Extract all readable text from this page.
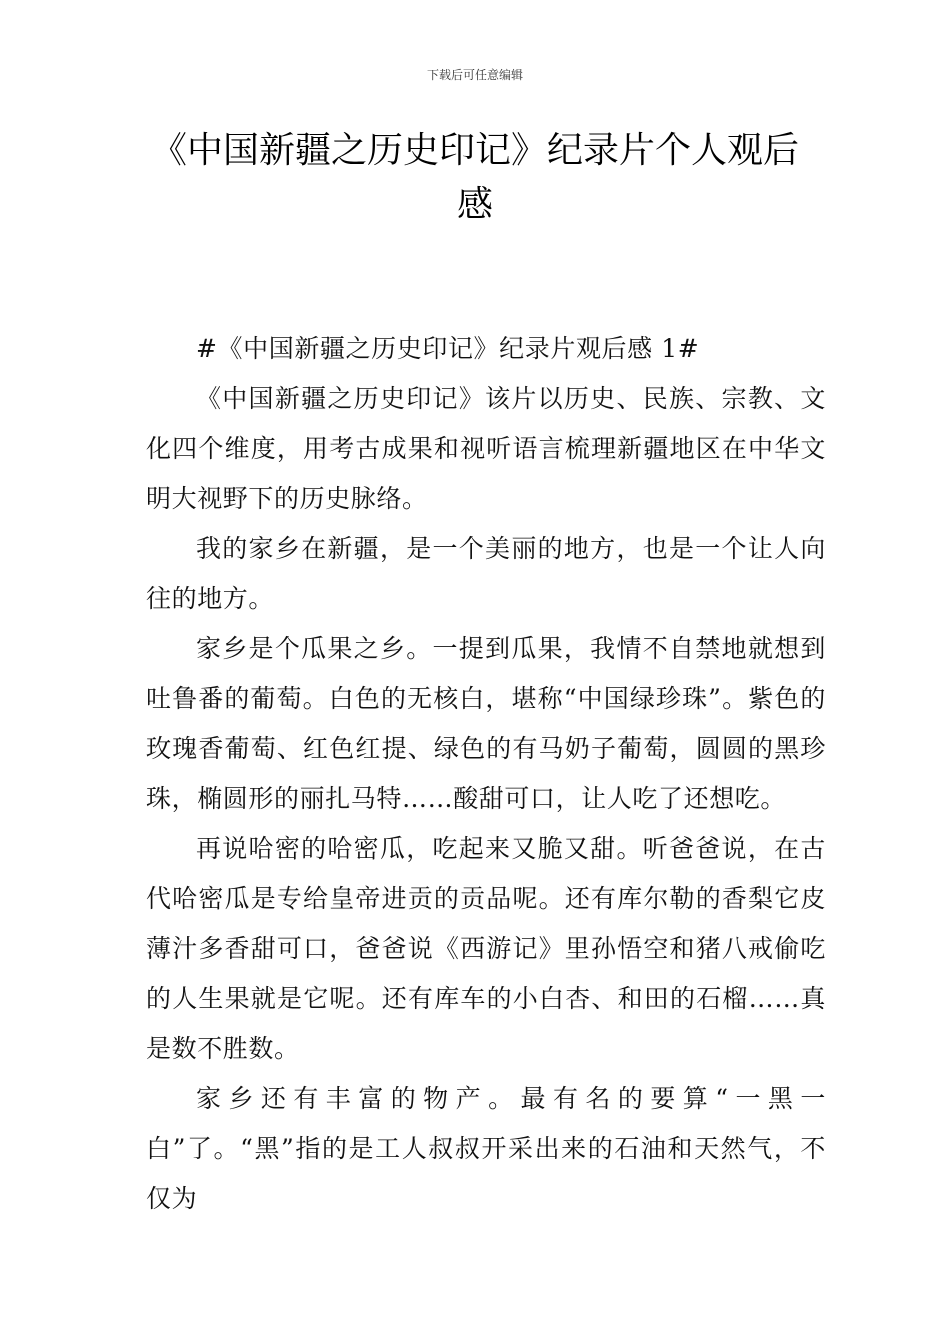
下载后可任意编辑
《中国新疆之历史印记》纪录片个人观后感

#《中国新疆之历史印记》纪录片观后感 1#

《中国新疆之历史印记》该片以历史、民族、宗教、文化四个维度，用考古成果和视听语言梳理新疆地区在中华文明大视野下的历史脉络。

我的家乡在新疆，是一个美丽的地方，也是一个让人向往的地方。

家乡是个瓜果之乡。一提到瓜果，我情不自禁地就想到吐鲁番的葡萄。白色的无核白，堪称“中国绿珍珠”。紫色的玫瑰香葡萄、红色红提、绿色的有马奶子葡萄，圆圆的黑珍珠，椭圆形的丽扎马特……酸甜可口，让人吃了还想吃。

再说哈密的哈密瓜，吃起来又脆又甜。听爸爸说，在古代哈密瓜是专给皇帝进贡的贡品呢。还有库尔勒的香梨它皮薄汁多香甜可口，爸爸说《西游记》里孙悟空和猪八戒偷吃的人生果就是它呢。还有库车的小白杏、和田的石榴……真是数不胜数。

家乡还有丰富的物产。最有名的要算“一黑一白”了。“黑”指的是工人叔叔开采出来的石油和天然气，不仅为
